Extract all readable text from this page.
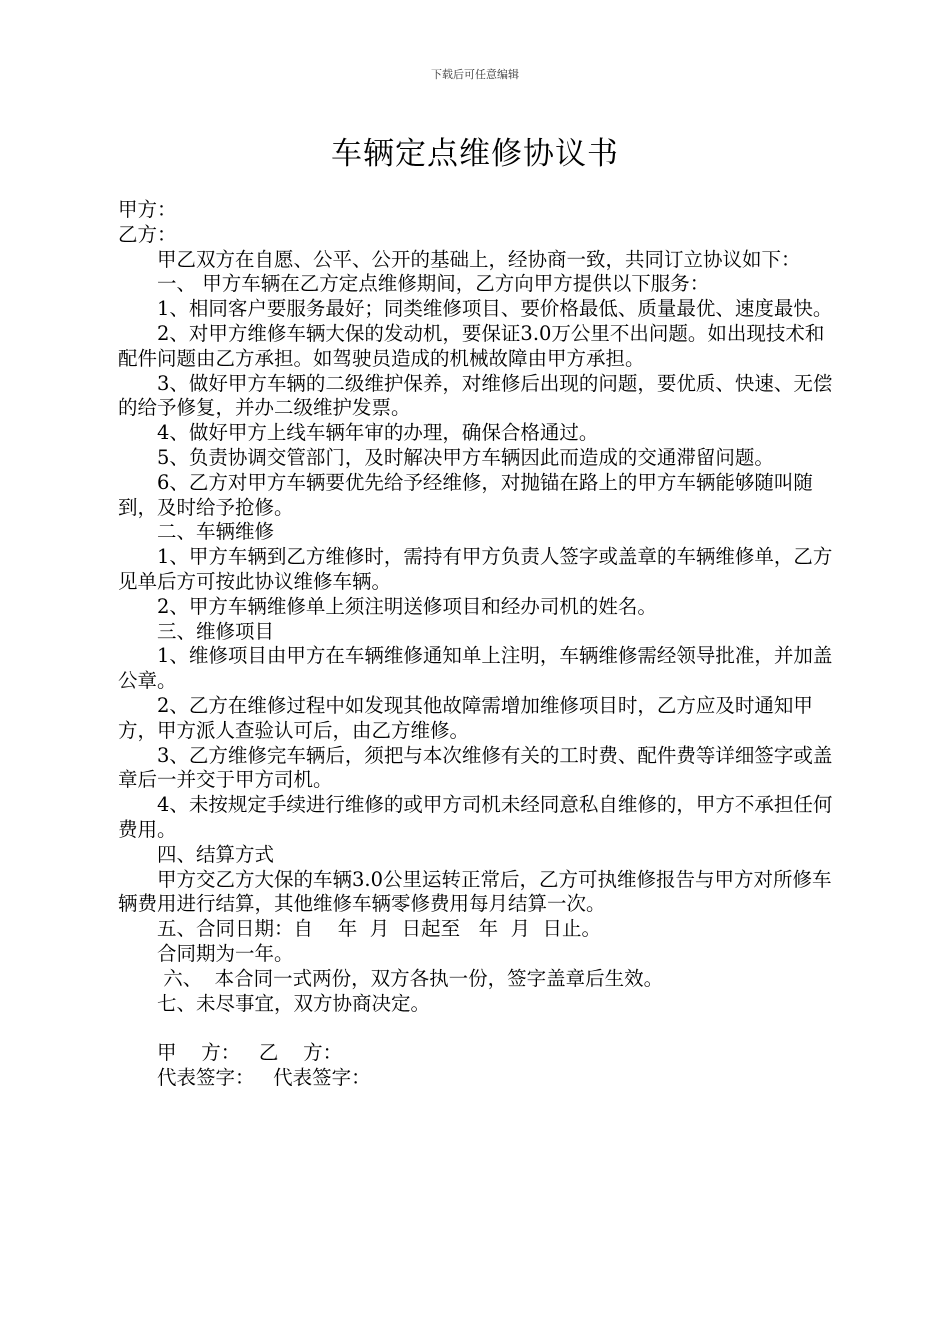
下载后可任意编辑
车辆定点维修协议书

甲方：

乙方：

甲乙双方在自愿、公平、公开的基础上，经协商一致，共同订立协议如下：

一、 甲方车辆在乙方定点维修期间，乙方向甲方提供以下服务：

1、相同客户要服务最好；同类维修项目、要价格最低、质量最优、速度最快。

2、对甲方维修车辆大保的发动机，要保证3.0万公里不出问题。如出现技术和配件问题由乙方承担。如驾驶员造成的机械故障由甲方承担。

3、做好甲方车辆的二级维护保养，对维修后出现的问题，要优质、快速、无偿的给予修复，并办二级维护发票。

4、做好甲方上线车辆年审的办理，确保合格通过。

5、负责协调交管部门，及时解决甲方车辆因此而造成的交通滞留问题。

6、乙方对甲方车辆要优先给予经维修，对抛锚在路上的甲方车辆能够随叫随到，及时给予抢修。

二、车辆维修

1、甲方车辆到乙方维修时，需持有甲方负责人签字或盖章的车辆维修单，乙方见单后方可按此协议维修车辆。

2、甲方车辆维修单上须注明送修项目和经办司机的姓名。

三、维修项目

1、维修项目由甲方在车辆维修通知单上注明，车辆维修需经领导批准，并加盖公章。

2、乙方在维修过程中如发现其他故障需增加维修项目时，乙方应及时通知甲方，甲方派人查验认可后，由乙方维修。

3、乙方维修完车辆后，须把与本次维修有关的工时费、配件费等详细签字或盖章后一并交于甲方司机。

4、未按规定手续进行维修的或甲方司机未经同意私自维修的，甲方不承担任何费用。

四、结算方式

甲方交乙方大保的车辆3.0公里运转正常后，乙方可执维修报告与甲方对所修车辆费用进行结算，其他维修车辆零修费用每月结算一次。

五、合同日期：自    年  月  日起至   年  月  日止。

合同期为一年。

六、  本合同一式两份，双方各执一份，签字盖章后生效。

七、未尽事宜，双方协商决定。

甲    方：   乙    方：

代表签字：   代表签字：
